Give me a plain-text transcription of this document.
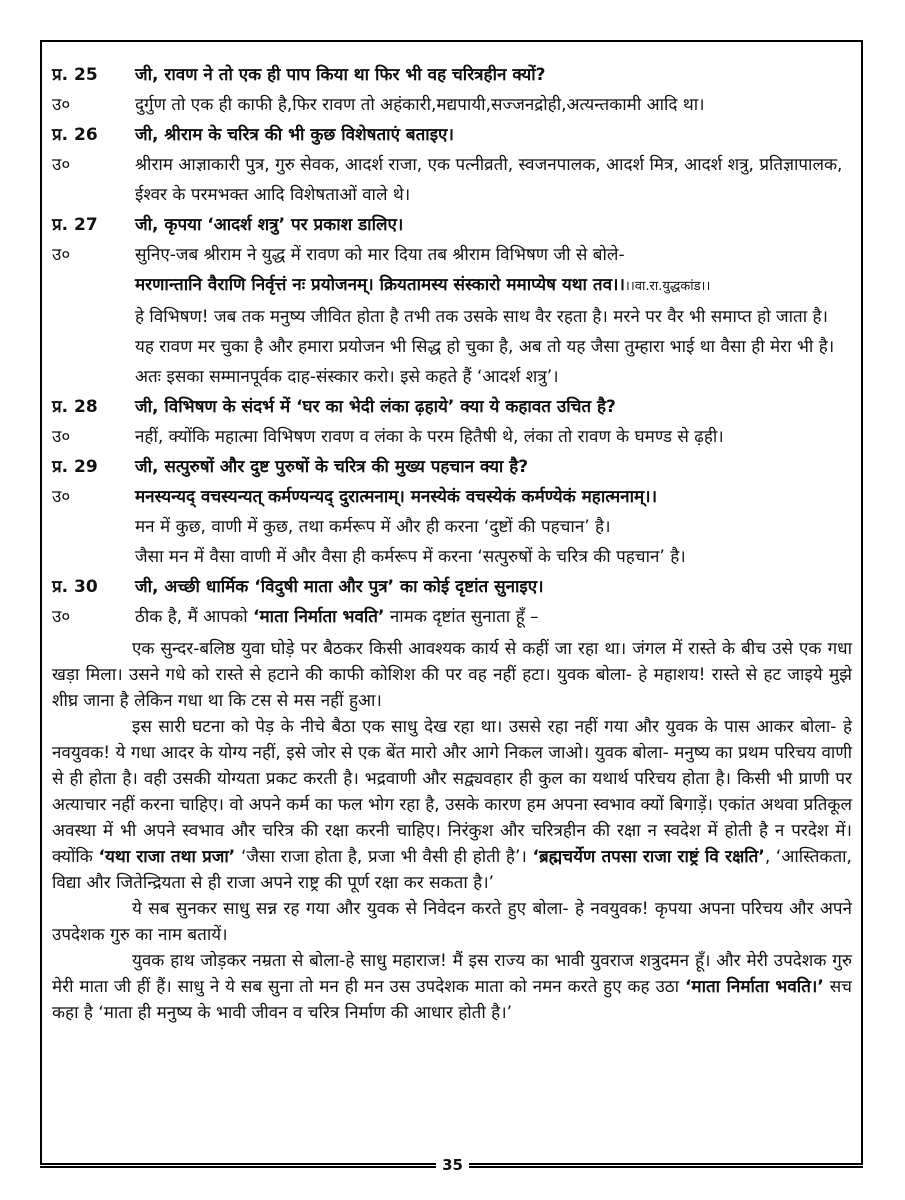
35
प्र. 25	जी, रावण ने तो एक ही पाप किया था फिर भी वह चरित्रहीन क्यों?
उ०	दुर्गुण तो एक ही काफी है,फिर रावण तो अहंकारी,मद्यपायी,सज्जनद्रोही,अत्यन्तकामी आदि था।
प्र. 26	जी, श्रीराम के चरित्र की भी कुछ विशेषताएं बताइए।
उ०	श्रीराम आज्ञाकारी पुत्र, गुरु सेवक, आदर्श राजा, एक पत्नीव्रती, स्वजनपालक, आदर्श मित्र, आदर्श शत्रु, प्रतिज्ञापालक, ईश्वर के परमभक्त आदि विशेषताओं वाले थे।
प्र. 27	जी, कृपया ‘आदर्श शत्रु’ पर प्रकाश डालिए।
उ०	सुनिए-जब श्रीराम ने युद्ध में रावण को मार दिया तब श्रीराम विभिषण जी से बोले-
मरणान्तानि वैराणि निर्वृत्तं नः प्रयोजनम्। क्रियतामस्य संस्कारो ममाप्येष यथा तव।।।।वा.रा.युद्धकांड।।
हे विभिषण! जब तक मनुष्य जीवित होता है तभी तक उसके साथ वैर रहता है। मरने पर वैर भी समाप्त हो जाता है। यह रावण मर चुका है और हमारा प्रयोजन भी सिद्ध हो चुका है, अब तो यह जैसा तुम्हारा भाई था वैसा ही मेरा भी है। अतः इसका सम्मानपूर्वक दाह-संस्कार करो। इसे कहते हैं ‘आदर्श शत्रु’।
प्र. 28	जी, विभिषण के संदर्भ में ‘घर का भेदी लंका ढ़हाये’ क्या ये कहावत उचित है?
उ०	नहीं, क्योंकि महात्मा विभिषण रावण व लंका के परम हितैषी थे, लंका तो रावण के घमण्ड से ढ़ही।
प्र. 29	जी, सत्पुरुषों और दुष्ट पुरुषों के चरित्र की मुख्य पहचान क्या है?
उ०	मनस्यन्यद् वचस्यन्यत् कर्मण्यन्यद् दुरात्मनाम्। मनस्येकं वचस्येकं कर्मण्येकं महात्मनाम्।।
मन में कुछ, वाणी में कुछ, तथा कर्मरूप में और ही करना ‘दुष्टों की पहचान’ है।
जैसा मन में वैसा वाणी में और वैसा ही कर्मरूप में करना ‘सत्पुरुषों के चरित्र की पहचान’ है।
प्र. 30	जी, अच्छी धार्मिक ‘विदुषी माता और पुत्र’ का कोई दृष्टांत सुनाइए।
उ०	ठीक है, मैं आपको ‘माता निर्माता भवति’ नामक दृष्टांत सुनाता हूँ –

एक सुन्दर-बलिष्ठ युवा घोड़े पर बैठकर किसी आवश्यक कार्य से कहीं जा रहा था। जंगल में रास्ते के बीच उसे एक गधा खड़ा मिला। उसने गधे को रास्ते से हटाने की काफी कोशिश की पर वह नहीं हटा। युवक बोला- हे महाशय! रास्ते से हट जाइये मुझे शीघ्र जाना है लेकिन गधा था कि टस से मस नहीं हुआ।

इस सारी घटना को पेड़ के नीचे बैठा एक साधु देख रहा था। उससे रहा नहीं गया और युवक के पास आकर बोला- हे नवयुवक! ये गधा आदर के योग्य नहीं, इसे जोर से एक बेंत मारो और आगे निकल जाओ। युवक बोला- मनुष्य का प्रथम परिचय वाणी से ही होता है। वही उसकी योग्यता प्रकट करती है। भद्रवाणी और सद्व्यवहार ही कुल का यथार्थ परिचय होता है। किसी भी प्राणी पर अत्याचार नहीं करना चाहिए। वो अपने कर्म का फल भोग रहा है, उसके कारण हम अपना स्वभाव क्यों बिगाड़ें। एकांत अथवा प्रतिकूल अवस्था में भी अपने स्वभाव और चरित्र की रक्षा करनी चाहिए। निरंकुश और चरित्रहीन की रक्षा न स्वदेश में होती है न परदेश में। क्योंकि ‘यथा राजा तथा प्रजा’ ‘जैसा राजा होता है, प्रजा भी वैसी ही होती है’। ‘ब्रह्मचर्येण तपसा राजा राष्ट्रं वि रक्षति’, ‘आस्तिकता, विद्या और जितेन्द्रियता से ही राजा अपने राष्ट्र की पूर्ण रक्षा कर सकता है।’

ये सब सुनकर साधु सन्न रह गया और युवक से निवेदन करते हुए बोला- हे नवयुवक! कृपया अपना परिचय और अपने उपदेशक गुरु का नाम बतायें।

युवक हाथ जोड़कर नम्रता से बोला-हे साधु महाराज! मैं इस राज्य का भावी युवराज शत्रुदमन हूँ। और मेरी उपदेशक गुरु मेरी माता जी हीं हैं। साधु ने ये सब सुना तो मन ही मन उस उपदेशक माता को नमन करते हुए कह उठा ‘माता निर्माता भवति।’ सच कहा है ‘माता ही मनुष्य के भावी जीवन व चरित्र निर्माण की आधार होती है।’
